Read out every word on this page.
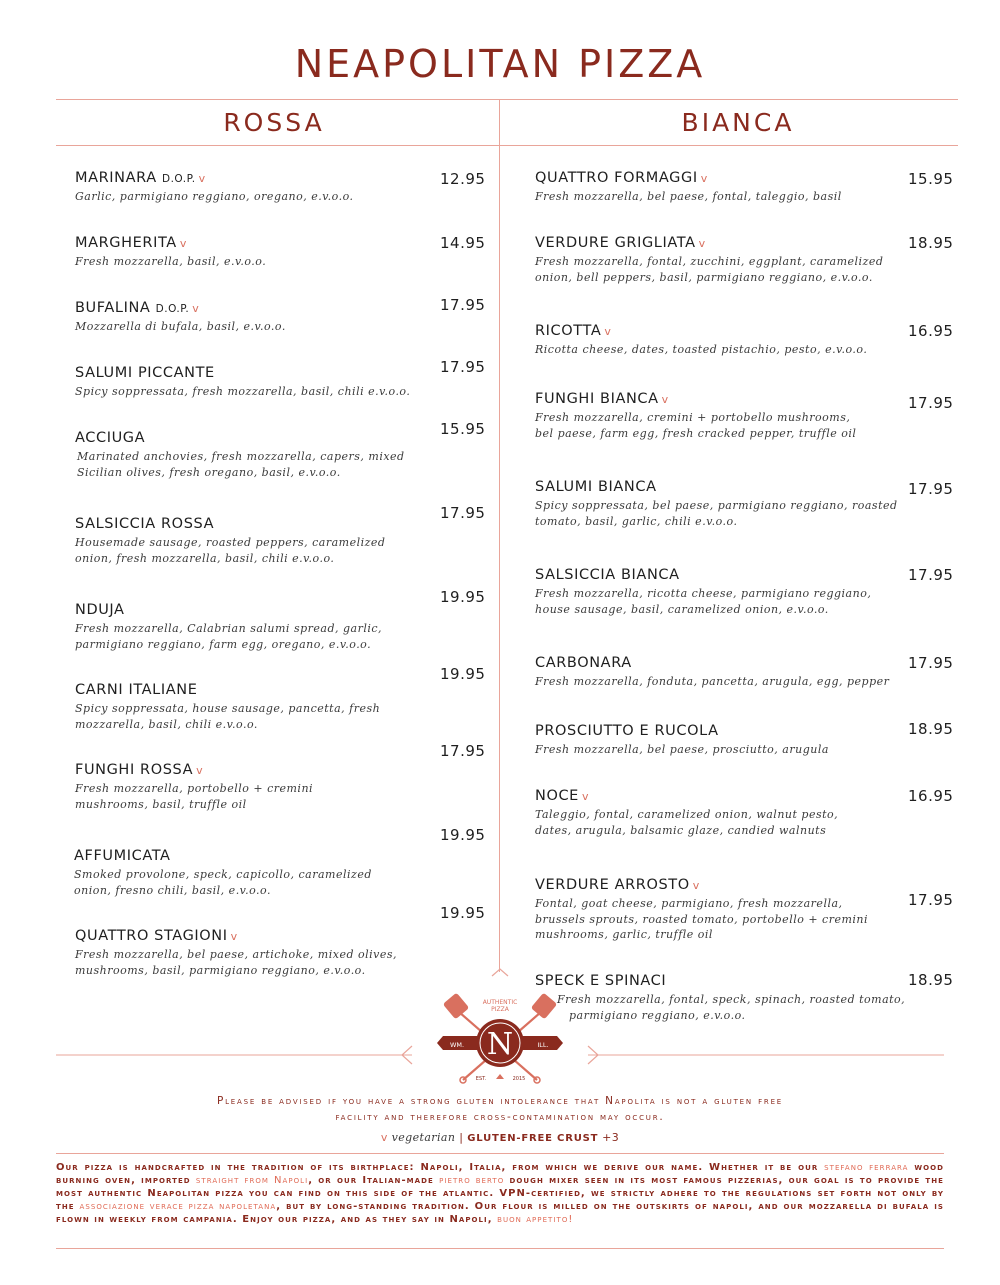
NEAPOLITAN PIZZA
ROSSA	BIANCA
MARINARA D.O.P. v
Garlic, parmigiano reggiano, oregano, e.v.o.o.
12.95
MARGHERITA v
Fresh mozzarella, basil, e.v.o.o.
14.95
BUFALINA D.O.P. v
Mozzarella di bufala, basil, e.v.o.o.
17.95
SALUMI PICCANTE
Spicy soppressata, fresh mozzarella, basil, chili e.v.o.o.
17.95
ACCIUGA
Marinated anchovies, fresh mozzarella, capers, mixed
Sicilian olives, fresh oregano, basil, e.v.o.o.
15.95
SALSICCIA ROSSA
Housemade sausage, roasted peppers, caramelized
onion, fresh mozzarella, basil, chili e.v.o.o.
17.95
NDUJA
Fresh mozzarella, Calabrian salumi spread, garlic,
parmigiano reggiano, farm egg, oregano, e.v.o.o.
19.95
CARNI ITALIANE
Spicy soppressata, house sausage, pancetta, fresh
mozzarella, basil, chili e.v.o.o.
19.95
FUNGHI ROSSA v
Fresh mozzarella, portobello + cremini
mushrooms, basil, truffle oil
17.95
AFFUMICATA
Smoked provolone, speck, capicollo, caramelized
onion, fresno chili, basil, e.v.o.o.
19.95
QUATTRO STAGIONI v
Fresh mozzarella, bel paese, artichoke, mixed olives,
mushrooms, basil, parmigiano reggiano, e.v.o.o.
19.95
QUATTRO FORMAGGI v
Fresh mozzarella, bel paese, fontal, taleggio, basil
15.95
VERDURE GRIGLIATA v
Fresh mozzarella, fontal, zucchini, eggplant, caramelized
onion, bell peppers, basil, parmigiano reggiano, e.v.o.o.
18.95
RICOTTA v
Ricotta cheese, dates, toasted pistachio, pesto, e.v.o.o.
16.95
FUNGHI BIANCA v
Fresh mozzarella, cremini + portobello mushrooms,
bel paese, farm egg, fresh cracked pepper, truffle oil
17.95
SALUMI BIANCA
Spicy soppressata, bel paese, parmigiano reggiano, roasted
tomato, basil, garlic, chili e.v.o.o.
17.95
SALSICCIA BIANCA
Fresh mozzarella, ricotta cheese, parmigiano reggiano,
house sausage, basil, caramelized onion, e.v.o.o.
17.95
CARBONARA
Fresh mozzarella, fonduta, pancetta, arugula, egg, pepper
17.95
PROSCIUTTO E RUCOLA
Fresh mozzarella, bel paese, prosciutto, arugula
18.95
NOCE v
Taleggio, fontal, caramelized onion, walnut pesto,
dates, arugula, balsamic glaze, candied walnuts
16.95
VERDURE ARROSTO v
Fontal, goat cheese, parmigiano, fresh mozzarella,
brussels sprouts, roasted tomato, portobello + cremini
mushrooms, garlic, truffle oil
17.95
SPECK E SPINACI
Fresh mozzarella, fontal, speck, spinach, roasted tomato,
parmigiano reggiano, e.v.o.o.
18.95
N
WM.	ILL.
AUTHENTIC
PIZZA
EST.	2015
Please be advised if you have a strong gluten intolerance that Napolita is not a gluten free
facility and therefore cross-contamination may occur.
v vegetarian | GLUTEN-FREE CRUST +3
Our pizza is handcrafted in the tradition of its birthplace: Napoli, Italia, from which we derive our name. Whether it be our stefano ferrara wood burning oven, imported straight from Napoli, or our Italian-made pietro berto dough mixer seen in its most famous pizzerias, our goal is to provide the most authentic Neapolitan pizza you can find on this side of the atlantic. VPN-certified, we strictly adhere to the regulations set forth not only by the associazione verace pizza napoletana, but by long-standing tradition. Our flour is milled on the outskirts of napoli, and our mozzarella di bufala is flown in weekly from campania. Enjoy our pizza, and as they say in Napoli, buon appetito!
